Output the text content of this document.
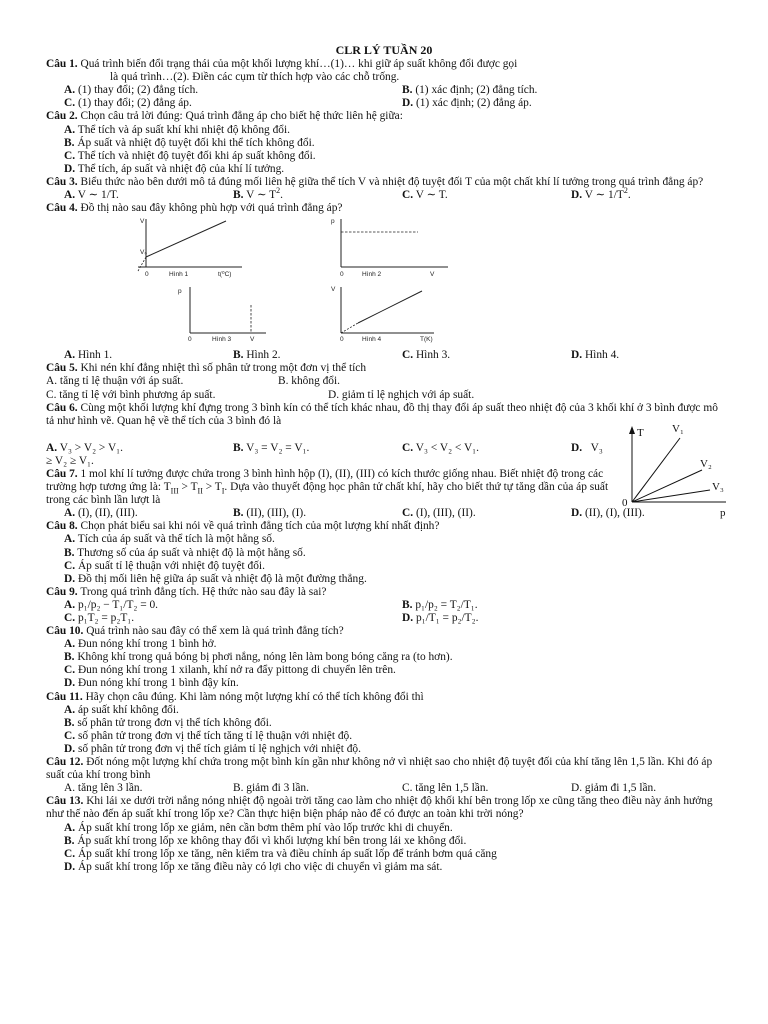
CLR LÝ TUẦN 20
Câu 1. Quá trình biến đổi trạng thái của một khối lượng khí…(1)… khi giữ áp suất không đổi được gọi
là quá trình…(2). Điền các cụm từ thích hợp vào các chỗ trống.
A. (1) thay đổi; (2) đẳng tích.	B. (1) xác định; (2) đẳng tích.
C. (1) thay đổi; (2) đẳng áp.	D. (1) xác định; (2) đẳng áp.
Câu 2. Chọn câu trả lời đúng: Quá trình đẳng áp cho biết hệ thức liên hệ giữa:
A. Thể tích và áp suất khí khi nhiệt độ không đổi.
B. Áp suất và nhiệt độ tuyệt đối khi thể tích không đổi.
C. Thể tích và nhiệt độ tuyệt đối khi áp suất không đổi.
D. Thể tích, áp suất và nhiệt độ của khí lí tưởng.
Câu 3. Biểu thức nào bên dưới mô tả đúng mối liên hệ giữa thể tích V và nhiệt độ tuyệt đối T của một chất khí lí tưởng trong quá trình đẳng áp?
A. V ∼ 1/T.	B. V ∼ $T^2$.	C. V ∼ T.	D. V ∼ $1/T^2$.
Câu 4. Đồ thị nào sau đây không phù hợp với quá trình đẳng áp?
V
V₀
0	Hình 1	t(⁰C)
p
0	Hình 2	V
p
0	Hình 3	V
V
0	Hình 4	T(K)
A. Hình 1.	B. Hình 2.	C. Hình 3.	D. Hình 4.
Câu 5. Khi nén khí đẳng nhiệt thì số phân tử trong một đơn vị thể tích
A. tăng tỉ lệ thuận với áp suất.	B. không đổi.
C. tăng tỉ lệ với bình phương áp suất.	D. giảm tỉ lệ nghịch với áp suất.
Câu 6. Cùng một khối lượng khí đựng trong 3 bình kín có thể tích khác nhau, đồ thị thay đổi áp suất theo nhiệt độ của 3 khối khí ở 3 bình được mô tả như hình vẽ. Quan hệ về thể tích của 3 bình đó là
A. V₃ > V₂ > V₁.	B. V₃ = V₂ = V₁.	C. V₃ < V₂ < V₁.	D. V₃
≥ V₂ ≥ V₁.
Câu 7. 1 mol khí lí tưởng được chứa trong 3 bình hình hộp (I), (II), (III) có kích thước giống nhau. Biết nhiệt độ trong các trường hợp tương ứng là: $T_{III} > T_{II} > T_I$. Dựa vào thuyết động học phân tử chất khí, hãy cho biết thứ tự tăng dần của áp suất trong các bình lần lượt là
A. (I), (II), (III).	B. (II), (III), (I).	C. (I), (III), (II).	D. (II), (I), (III).
T
0
p
V₁
V₂
V₃
Câu 8. Chọn phát biểu sai khi nói về quá trình đẳng tích của một lượng khí nhất định?
A. Tích của áp suất và thể tích là một hằng số.
B. Thương số của áp suất và nhiệt độ là một hằng số.
C. Áp suất tỉ lệ thuận với nhiệt độ tuyệt đối.
D. Đồ thị mối liên hệ giữa áp suất và nhiệt độ là một đường thẳng.
Câu 9. Trong quá trình đẳng tích. Hệ thức nào sau đây là sai?
A. p₁/p₂ − T₁/T₂ = 0.	B. p₁/p₂ = T₂/T₁.
C. p₁T₂ = p₂T₁.	D. p₁/T₁ = p₂/T₂.
Câu 10. Quá trình nào sau đây có thể xem là quá trình đẳng tích?
A. Đun nóng khí trong 1 bình hở.
B. Không khí trong quả bóng bị phơi nắng, nóng lên làm bong bóng căng ra (to hơn).
C. Đun nóng khí trong 1 xilanh, khí nở ra đẩy pittong di chuyển lên trên.
D. Đun nóng khí trong 1 bình đậy kín.
Câu 11. Hãy chọn câu đúng. Khi làm nóng một lượng khí có thể tích không đổi thì
A. áp suất khí không đổi.
B. số phân tử trong đơn vị thể tích không đổi.
C. số phân tử trong đơn vị thể tích tăng tỉ lệ thuận với nhiệt độ.
D. số phân tử trong đơn vị thể tích giảm tỉ lệ nghịch với nhiệt độ.
Câu 12. Đốt nóng một lượng khí chứa trong một bình kín gần như không nở vì nhiệt sao cho nhiệt độ tuyệt đối của khí tăng lên 1,5 lần. Khi đó áp suất của khí trong bình
A. tăng lên 3 lần.	B. giảm đi 3 lần.	C. tăng lên 1,5 lần.	D. giảm đi 1,5 lần.
Câu 13. Khi lái xe dưới trời nắng nóng nhiệt độ ngoài trời tăng cao làm cho nhiệt độ khối khí bên trong lốp xe cũng tăng theo điều này ảnh hưởng như thế nào đến áp suất khí trong lốp xe? Cần thực hiện biện pháp nào để có được an toàn khi trời nóng?
A. Áp suất khí trong lốp xe giảm, nên cần bơm thêm phí vào lốp trước khi di chuyển.
B. Áp suất khí trong lốp xe không thay đổi vì khối lượng khí bên trong lái xe không đổi.
C. Áp suất khí trong lốp xe tăng, nên kiểm tra và điều chỉnh áp suất lốp để tránh bơm quá căng
D. Áp suất khí trong lốp xe tăng điều này có lợi cho việc di chuyển vì giảm ma sát.
